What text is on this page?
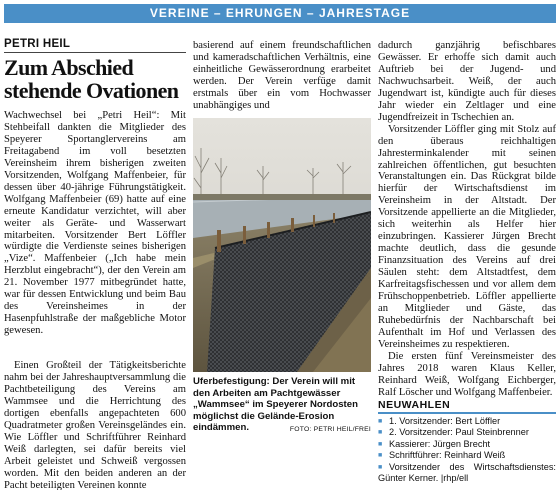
VEREINE – EHRUNGEN – JAHRESTAGE
PETRI HEIL
Zum Abschied stehende Ovationen

Wachwechsel bei „Petri Heil“: Mit Stehbeifall dankten die Mitglieder des Speyerer Sportanglervereins am Freitagabend im voll besetzten Vereinsheim ihrem bisherigen zweiten Vorsitzenden, Wolfgang Maffenbeier, für dessen über 40-jährige Führungstätigkeit. Wolfgang Maffenbeier (69) hatte auf eine erneute Kandidatur verzichtet, will aber weiter als Geräte- und Wasserwart mitarbeiten. Vorsitzender Bert Löffler würdigte die Verdienste seines bisherigen „Vize“. Maffenbeier („Ich habe mein Herzblut eingebracht“), der den Verein am 21. November 1977 mitbegründet hatte, war für dessen Entwicklung und beim Bau des Vereinsheimes in der Hasenpfuhlstraße der maßgebliche Motor gewesen.

Einen Großteil der Tätigkeitsberichte nahm bei der Jahreshauptversammlung die Pachtbeteiligung des Vereins am Wammsee und die Herrichtung des dortigen ebenfalls angepachteten 600 Quadratmeter großen Vereinsgeländes ein. Wie Löffler und Schriftführer Reinhard Weiß darlegten, sei dafür bereits viel Arbeit geleistet und Schweiß vergossen worden. Mit den beiden anderen an der Pacht beteiligten Vereinen konnte

basierend auf einem freundschaftlichen und kameradschaftlichen Verhältnis, eine einheitliche Gewässerordnung erarbeitet werden. Der Verein verfüge damit erstmals über ein vom Hochwasser unabhängiges und

Uferbefestigung: Der Verein will mit den Arbeiten am Pachtgewässer „Wammsee“ im Speyerer Nordosten möglichst die Gelände-Erosion eindämmen.	FOTO: PETRI HEIL/FREI

dadurch ganzjährig befischbares Gewässer. Er erhoffe sich damit auch Auftrieb bei der Jugend- und Nachwuchsarbeit. Weiß, der auch Jugendwart ist, kündigte auch für dieses Jahr wieder ein Zeltlager und eine Jugendfreizeit in Tschechien an.

Vorsitzender Löffler ging mit Stolz auf den überaus reichhaltigen Jahresterminkalender mit seinen zahlreichen öffentlichen, gut besuchten Veranstaltungen ein. Das Rückgrat bilde hierfür der Wirtschaftsdienst im Vereinsheim in der Altstadt. Der Vorsitzende appellierte an die Mitglieder, sich weiterhin als Helfer hier einzubringen. Kassierer Jürgen Brecht machte deutlich, dass die gesunde Finanzsituation des Vereins auf drei Säulen steht: dem Altstadtfest, dem Karfreitagsfischessen und vor allem dem Frühschoppenbetrieb. Löffler appellierte an Mitglieder und Gäste, das Ruhebedürfnis der Nachbarschaft bei Aufenthalt im Hof und Verlassen des Vereinsheimes zu respektieren.

Die ersten fünf Vereinsmeister des Jahres 2018 waren Klaus Keller, Reinhard Weiß, Wolfgang Eichberger, Ralf Löscher und Wolfgang Maffenbeier.

NEUWAHLEN
■ 1. Vorsitzender: Bert Löffler
■ 2. Vorsitzender: Paul Steinbrenner
■ Kassierer: Jürgen Brecht
■ Schriftführer: Reinhard Weiß
■ Vorsitzender des Wirtschaftsdienstes:
Günter Kerner. |rhp/ell
